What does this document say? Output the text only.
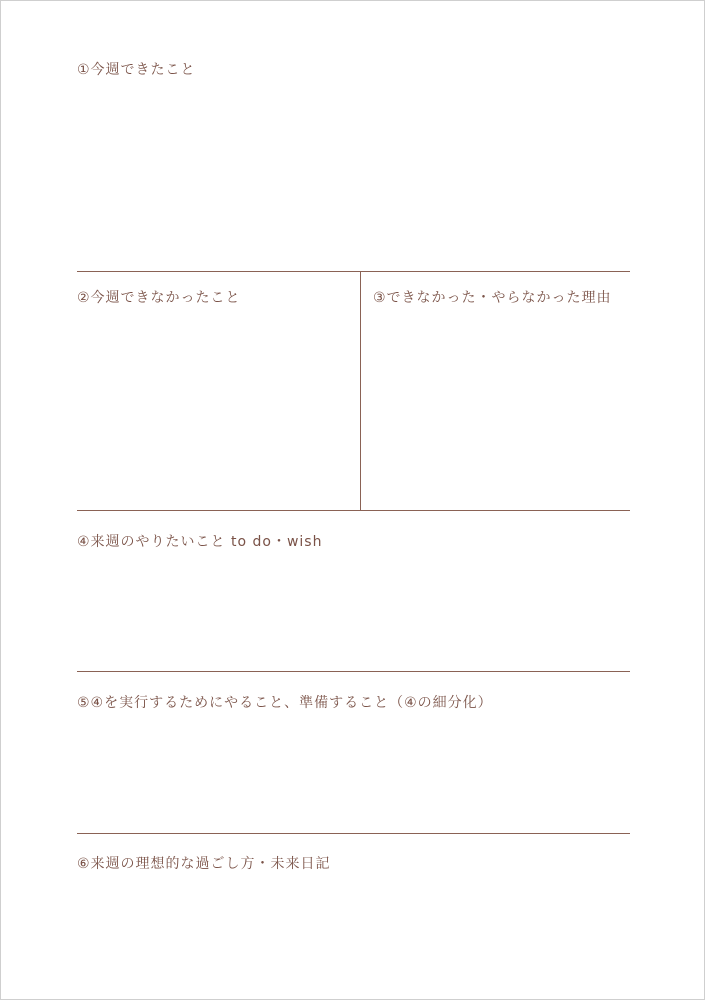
①今週できたこと
②今週できなかったこと	③できなかった・やらなかった理由
④来週のやりたいこと to do・wish
⑤④を実行するためにやること、準備すること（④の細分化）
⑥来週の理想的な過ごし方・未来日記
